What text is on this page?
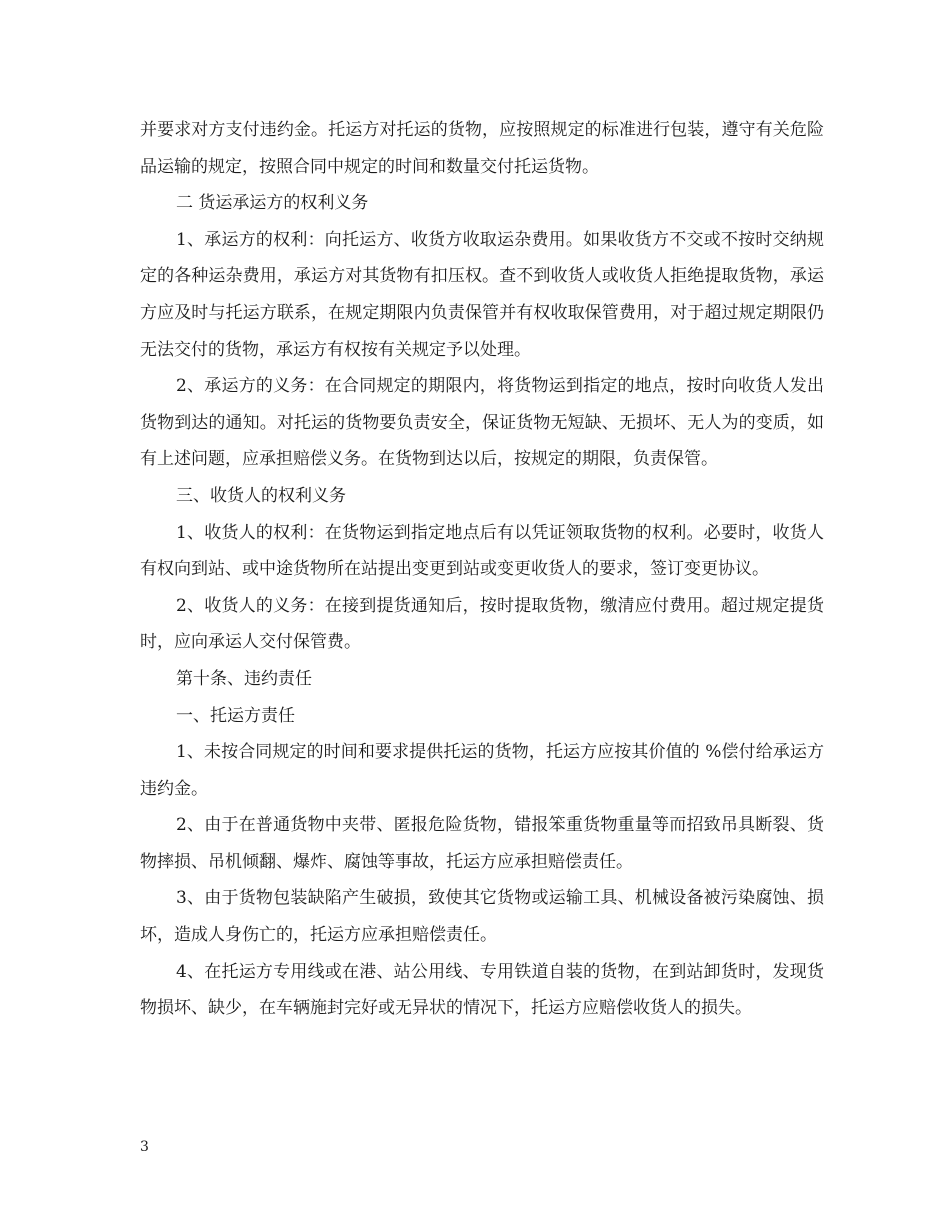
并要求对方支付违约金。托运方对托运的货物，应按照规定的标准进行包装，遵守有关危险品运输的规定，按照合同中规定的时间和数量交付托运货物。

二 货运承运方的权利义务

1、承运方的权利：向托运方、收货方收取运杂费用。如果收货方不交或不按时交纳规定的各种运杂费用，承运方对其货物有扣压权。查不到收货人或收货人拒绝提取货物，承运方应及时与托运方联系，在规定期限内负责保管并有权收取保管费用，对于超过规定期限仍无法交付的货物，承运方有权按有关规定予以处理。

2、承运方的义务：在合同规定的期限内，将货物运到指定的地点，按时向收货人发出货物到达的通知。对托运的货物要负责安全，保证货物无短缺、无损坏、无人为的变质，如有上述问题，应承担赔偿义务。在货物到达以后，按规定的期限，负责保管。

三、收货人的权利义务

1、收货人的权利：在货物运到指定地点后有以凭证领取货物的权利。必要时，收货人有权向到站、或中途货物所在站提出变更到站或变更收货人的要求，签订变更协议。

2、收货人的义务：在接到提货通知后，按时提取货物，缴清应付费用。超过规定提货时，应向承运人交付保管费。

第十条、违约责任

一、托运方责任

1、未按合同规定的时间和要求提供托运的货物，托运方应按其价值的 %偿付给承运方违约金。

2、由于在普通货物中夹带、匿报危险货物，错报笨重货物重量等而招致吊具断裂、货物摔损、吊机倾翻、爆炸、腐蚀等事故，托运方应承担赔偿责任。

3、由于货物包装缺陷产生破损，致使其它货物或运输工具、机械设备被污染腐蚀、损坏，造成人身伤亡的，托运方应承担赔偿责任。

4、在托运方专用线或在港、站公用线、专用铁道自装的货物，在到站卸货时，发现货物损坏、缺少，在车辆施封完好或无异状的情况下，托运方应赔偿收货人的损失。

3
